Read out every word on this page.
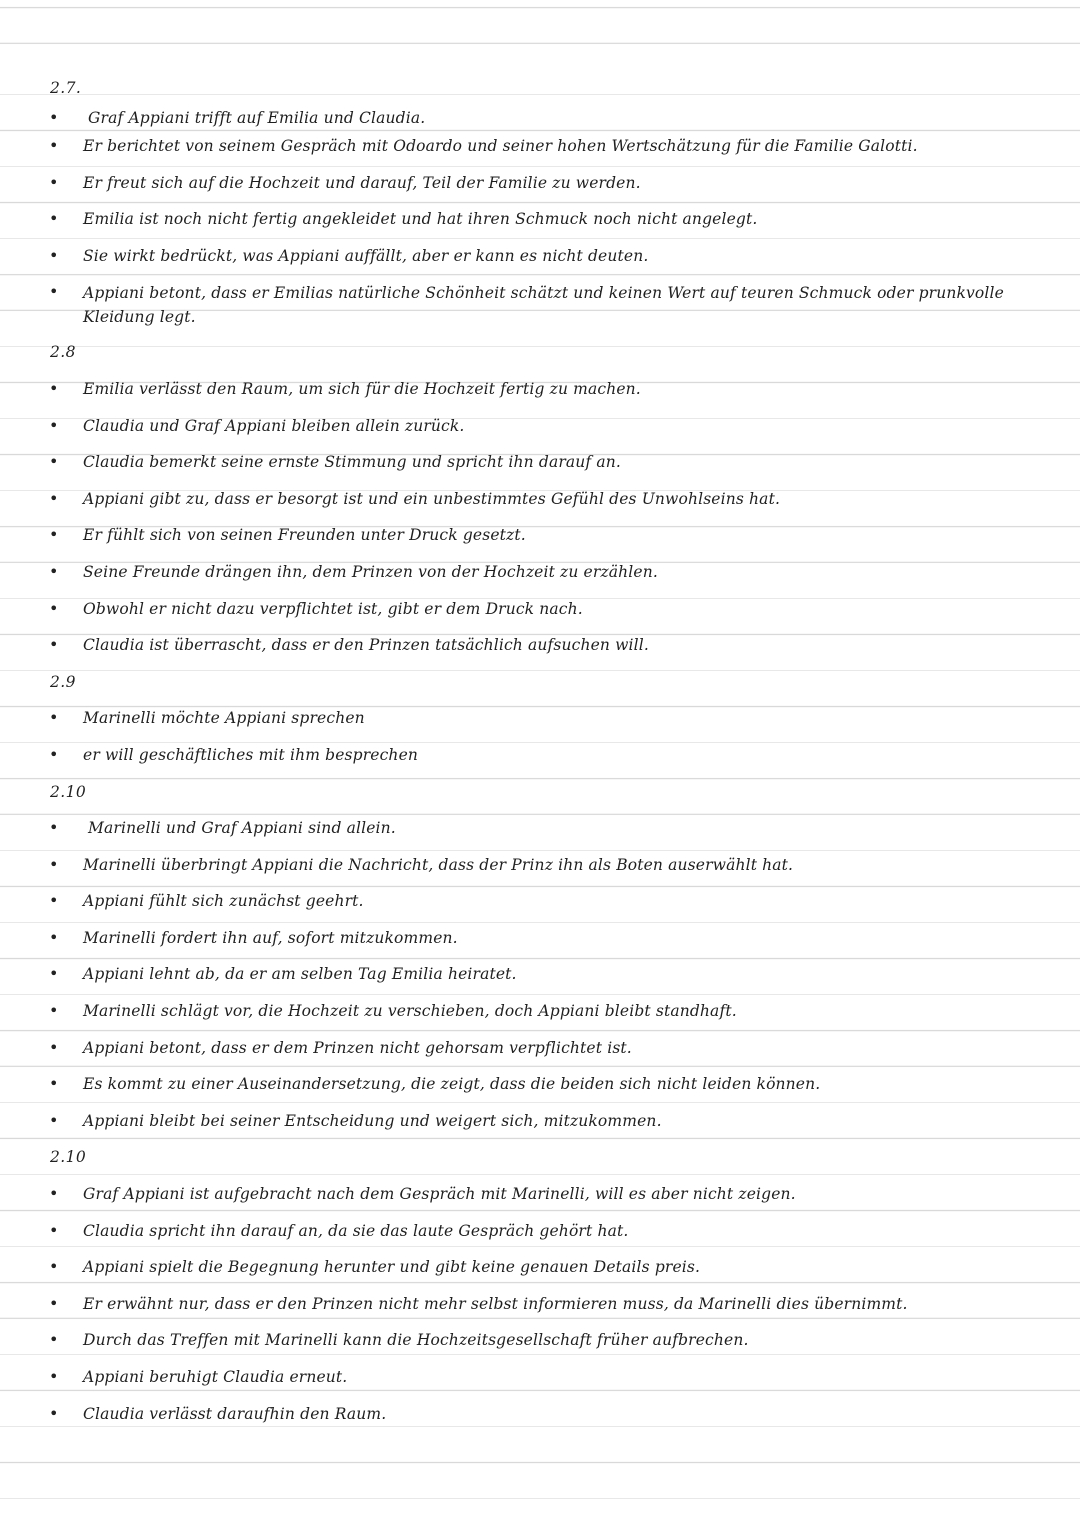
2.7.
• Graf Appiani trifft auf Emilia und Claudia.
• Er berichtet von seinem Gespräch mit Odoardo und seiner hohen Wertschätzung für die Familie Galotti.
• Er freut sich auf die Hochzeit und darauf, Teil der Familie zu werden.
• Emilia ist noch nicht fertig angekleidet und hat ihren Schmuck noch nicht angelegt.
• Sie wirkt bedrückt, was Appiani auffällt, aber er kann es nicht deuten.
• Appiani betont, dass er Emilias natürliche Schönheit schätzt und keinen Wert auf teuren Schmuck oder prunkvolle Kleidung legt.
2.8
• Emilia verlässt den Raum, um sich für die Hochzeit fertig zu machen.
• Claudia und Graf Appiani bleiben allein zurück.
• Claudia bemerkt seine ernste Stimmung und spricht ihn darauf an.
• Appiani gibt zu, dass er besorgt ist und ein unbestimmtes Gefühl des Unwohlseins hat.
• Er fühlt sich von seinen Freunden unter Druck gesetzt.
• Seine Freunde drängen ihn, dem Prinzen von der Hochzeit zu erzählen.
• Obwohl er nicht dazu verpflichtet ist, gibt er dem Druck nach.
• Claudia ist überrascht, dass er den Prinzen tatsächlich aufsuchen will.
2.9
• Marinelli möchte Appiani sprechen
• er will geschäftliches mit ihm besprechen
2.10
• Marinelli und Graf Appiani sind allein.
• Marinelli überbringt Appiani die Nachricht, dass der Prinz ihn als Boten auserwählt hat.
• Appiani fühlt sich zunächst geehrt.
• Marinelli fordert ihn auf, sofort mitzukommen.
• Appiani lehnt ab, da er am selben Tag Emilia heiratet.
• Marinelli schlägt vor, die Hochzeit zu verschieben, doch Appiani bleibt standhaft.
• Appiani betont, dass er dem Prinzen nicht gehorsam verpflichtet ist.
• Es kommt zu einer Auseinandersetzung, die zeigt, dass die beiden sich nicht leiden können.
• Appiani bleibt bei seiner Entscheidung und weigert sich, mitzukommen.
2.10
• Graf Appiani ist aufgebracht nach dem Gespräch mit Marinelli, will es aber nicht zeigen.
• Claudia spricht ihn darauf an, da sie das laute Gespräch gehört hat.
• Appiani spielt die Begegnung herunter und gibt keine genauen Details preis.
• Er erwähnt nur, dass er den Prinzen nicht mehr selbst informieren muss, da Marinelli dies übernimmt.
• Durch das Treffen mit Marinelli kann die Hochzeitsgesellschaft früher aufbrechen.
• Appiani beruhigt Claudia erneut.
• Claudia verlässt daraufhin den Raum.
